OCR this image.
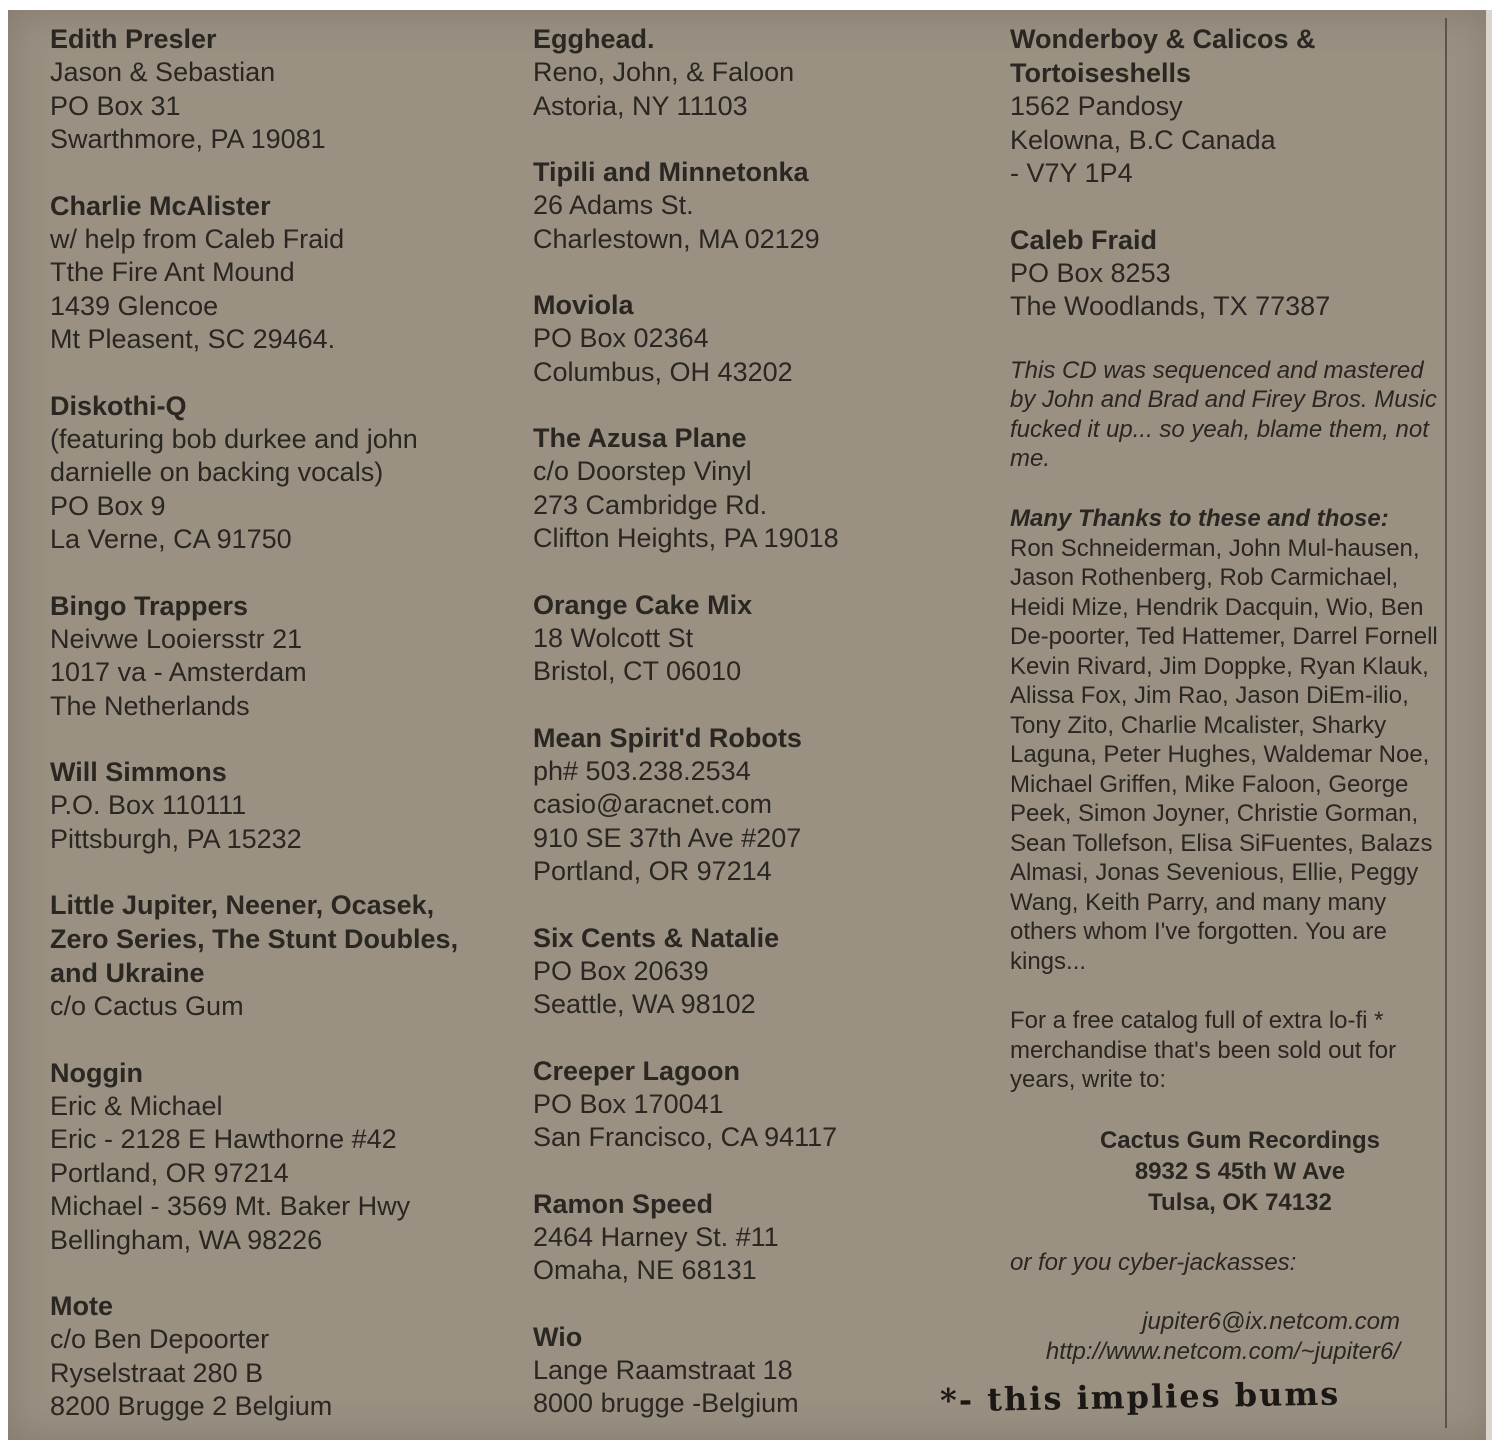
Edith Presler

Jason & Sebastian

PO Box 31

Swarthmore, PA 19081

Charlie McAlister

w/ help from Caleb Fraid

Tthe Fire Ant Mound

1439 Glencoe

Mt Pleasent, SC 29464.

Diskothi-Q

(featuring bob durkee and john

darnielle on backing vocals)

PO Box 9

La Verne, CA 91750

Bingo Trappers

Neivwe Looiersstr 21

1017 va - Amsterdam

The Netherlands

Will Simmons

P.O. Box 110111

Pittsburgh, PA 15232

Little Jupiter, Neener, Ocasek, Zero Series, The Stunt Doubles, and Ukraine

c/o Cactus Gum

Noggin

Eric & Michael

Eric - 2128 E Hawthorne #42

Portland, OR 97214

Michael - 3569 Mt. Baker Hwy

Bellingham, WA 98226

Mote

c/o Ben Depoorter

Ryselstraat 280 B

8200 Brugge 2 Belgium

Egghead.

Reno, John, & Faloon

Astoria, NY 11103

Tipili and Minnetonka

26 Adams St.

Charlestown, MA 02129

Moviola

PO Box 02364

Columbus, OH 43202

The Azusa Plane

c/o Doorstep Vinyl

273 Cambridge Rd.

Clifton Heights, PA 19018

Orange Cake Mix

18 Wolcott St

Bristol, CT 06010

Mean Spirit'd Robots

ph# 503.238.2534

casio@aracnet.com

910 SE 37th Ave #207

Portland, OR 97214

Six Cents & Natalie

PO Box 20639

Seattle, WA 98102

Creeper Lagoon

PO Box 170041

San Francisco, CA 94117

Ramon Speed

2464 Harney St. #11

Omaha, NE 68131

Wio

Lange Raamstraat 18

8000 brugge -Belgium

Wonderboy & Calicos & Tortoiseshells

1562 Pandosy

Kelowna, B.C Canada

- V7Y 1P4

Caleb Fraid

PO Box 8253

The Woodlands, TX 77387

This CD was sequenced and mastered

by John and Brad and Firey Bros. Music

fucked it up... so yeah, blame them, not

me.

Many Thanks to these and those:

Ron Schneiderman, John Mul-hausen,

Jason Rothenberg, Rob Carmichael,

Heidi Mize, Hendrik Dacquin, Wio, Ben

De-poorter, Ted Hattemer, Darrel Fornell

Kevin Rivard, Jim Doppke, Ryan Klauk,

Alissa Fox, Jim Rao, Jason DiEm-ilio,

Tony Zito, Charlie Mcalister, Sharky

Laguna, Peter Hughes, Waldemar Noe,

Michael Griffen, Mike Faloon, George

Peek, Simon Joyner, Christie Gorman,

Sean Tollefson, Elisa SiFuentes, Balazs

Almasi, Jonas Sevenious, Ellie, Peggy

Wang, Keith Parry, and many many

others whom I've forgotten. You are

kings...

For a free catalog full of extra lo-fi *

merchandise that's been sold out for

years, write to:

Cactus Gum Recordings

8932 S 45th W Ave

Tulsa, OK 74132

or for you cyber-jackasses:

jupiter6@ix.netcom.com

http://www.netcom.com/~jupiter6/

*- this implies bums
